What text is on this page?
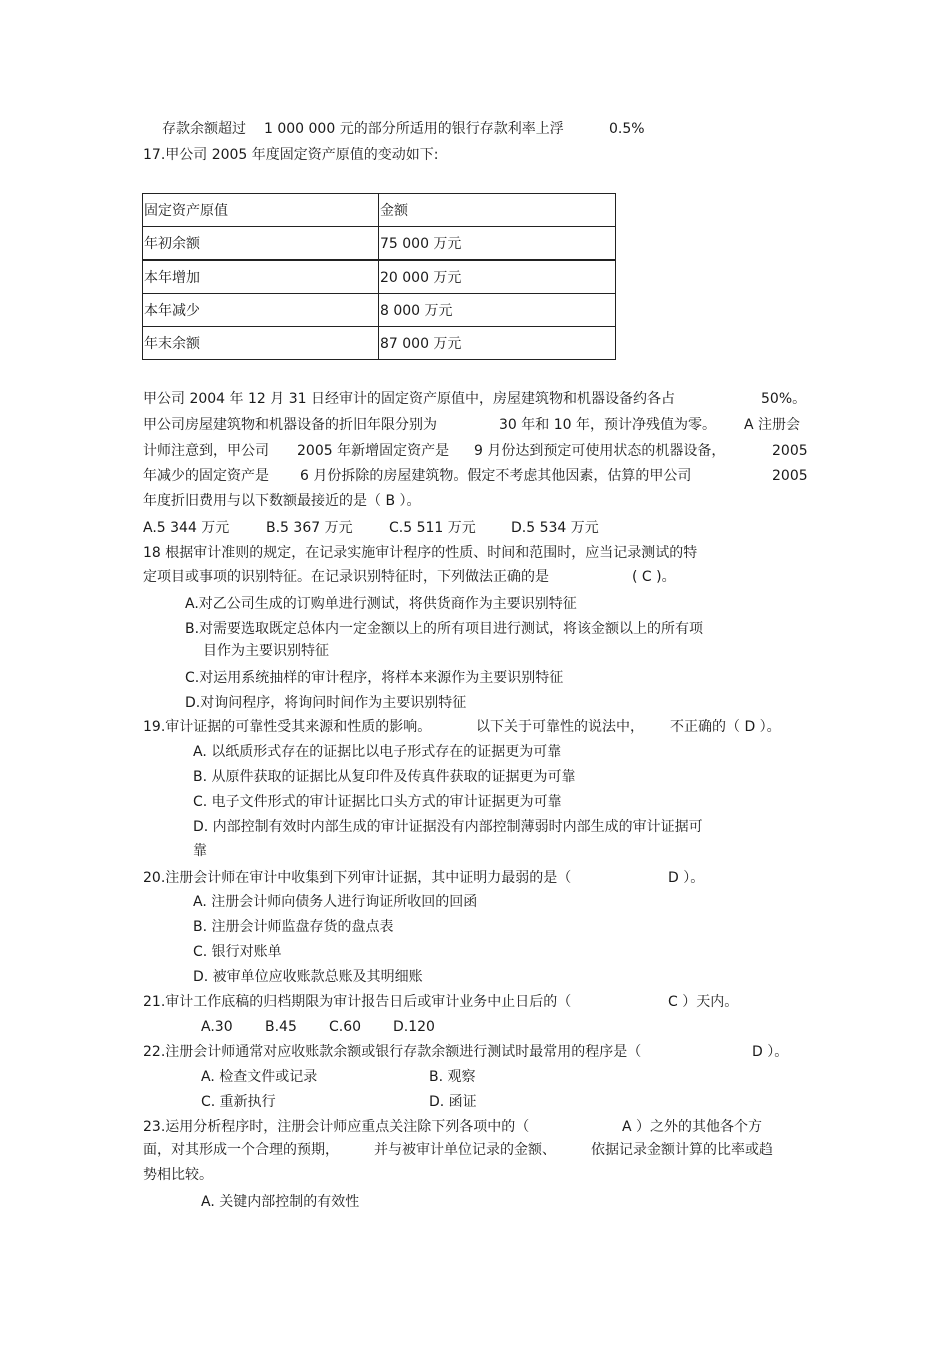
存款余额超过 1 000 000 元的部分所适用的银行存款利率上浮	0.5%
17.甲公司 2005 年度固定资产原值的变动如下:
固定资产原值	金额
年初余额	75 000 万元
本年增加	20 000 万元
本年减少	8 000 万元
年末余额	87 000 万元
甲公司 2004 年 12 月 31 日经审计的固定资产原值中，房屋建筑物和机器设备约各占	50%。
甲公司房屋建筑物和机器设备的折旧年限分别为	30 年和 10 年，预计净残值为零。 A 注册会
计师注意到，甲公司 2005 年新增固定资产是 9 月份达到预定可使用状态的机器设备，	2005
年减少的固定资产是 6 月份拆除的房屋建筑物。假定不考虑其他因素，估算的甲公司	2005
年度折旧费用与以下数额最接近的是（ B ）。
A.5 344 万元	B.5 367 万元	C.5 511 万元	D.5 534 万元
18 根据审计准则的规定，在记录实施审计程序的性质、时间和范围时，应当记录测试的特
定项目或事项的识别特征。在记录识别特征时，下列做法正确的是	( C )。
A.对乙公司生成的订购单进行测试，将供货商作为主要识别特征
B.对需要选取既定总体内一定金额以上的所有项目进行测试，将该金额以上的所有项
目作为主要识别特征
C.对运用系统抽样的审计程序，将样本来源作为主要识别特征
D.对询问程序，将询问时间作为主要识别特征
19.审计证据的可靠性受其来源和性质的影响。	以下关于可靠性的说法中， 不正确的（ D ）。
A. 以纸质形式存在的证据比以电子形式存在的证据更为可靠
B. 从原件获取的证据比从复印件及传真件获取的证据更为可靠
C. 电子文件形式的审计证据比口头方式的审计证据更为可靠
D. 内部控制有效时内部生成的审计证据没有内部控制薄弱时内部生成的审计证据可
靠
20.注册会计师在审计中收集到下列审计证据，其中证明力最弱的是（	D ）。
A. 注册会计师向债务人进行询证所收回的回函
B. 注册会计师监盘存货的盘点表
C. 银行对账单
D. 被审单位应收账款总账及其明细账
21.审计工作底稿的归档期限为审计报告日后或审计业务中止日后的（	C ）天内。
A.30 B.45 C.60 D.120
22.注册会计师通常对应收账款余额或银行存款余额进行测试时最常用的程序是（	D ）。
A. 检查文件或记录	B. 观察
C. 重新执行	D. 函证
23.运用分析程序时，注册会计师应重点关注除下列各项中的（	A ）之外的其他各个方
面，对其形成一个合理的预期，	并与被审计单位记录的金额、	依据记录金额计算的比率或趋
势相比较。
A. 关键内部控制的有效性
